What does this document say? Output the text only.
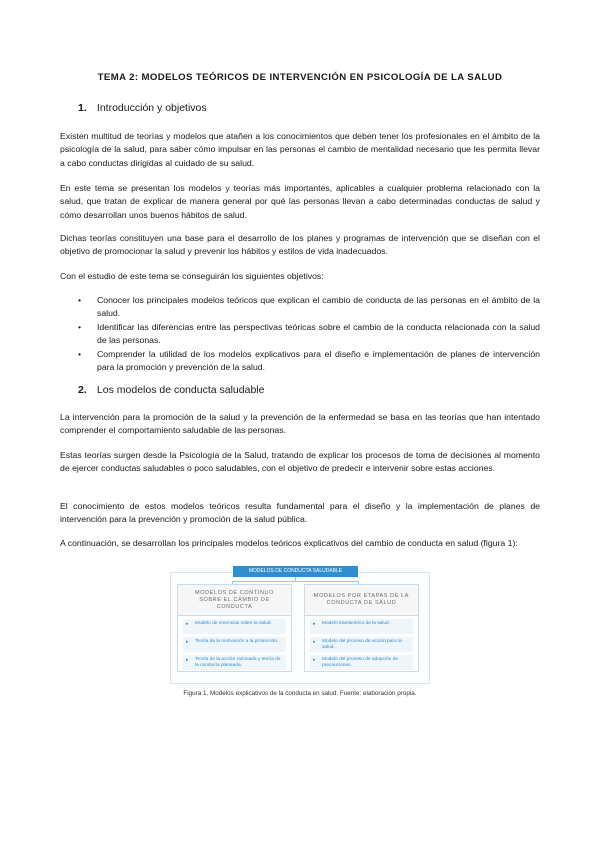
TEMA 2: MODELOS TEÓRICOS DE INTERVENCIÓN EN PSICOLOGÍA DE LA SALUD
1. Introducción y objetivos
Existen multitud de teorías y modelos que atañen a los conocimientos que deben tener los profesionales en el ámbito de la psicología de la salud, para saber cómo impulsar en las personas el cambio de mentalidad necesario que les permita llevar a cabo conductas dirigidas al cuidado de su salud.
En este tema se presentan los modelos y teorías más importantes, aplicables a cualquier problema relacionado con la salud, que tratan de explicar de manera general por qué las personas llevan a cabo determinadas conductas de salud y cómo desarrollan unos buenos hábitos de salud.
Dichas teorías constituyen una base para el desarrollo de los planes y programas de intervención que se diseñan con el objetivo de promocionar la salud y prevenir los hábitos y estilos de vida inadecuados.
Con el estudio de este tema se conseguirán los siguientes objetivos:
• Conocer los principales modelos teóricos que explican el cambio de conducta de las personas en el ámbito de la salud.
• Identificar las diferencias entre las perspectivas teóricas sobre el cambio de la conducta relacionada con la salud de las personas.
• Comprender la utilidad de los modelos explicativos para el diseño e implementación de planes de intervención para la promoción y prevención de la salud.
2. Los modelos de conducta saludable
La intervención para la promoción de la salud y la prevención de la enfermedad se basa en las teorías que han intentado comprender el comportamiento saludable de las personas.
Estas teorías surgen desde la Psicología de la Salud, tratando de explicar los procesos de toma de decisiones al momento de ejercer conductas saludables o poco saludables, con el objetivo de predecir e intervenir sobre estas acciones.
El conocimiento de estos modelos teóricos resulta fundamental para el diseño y la implementación de planes de intervención para la prevención y promoción de la salud pública.
A continuación, se desarrollan los principales modelos teóricos explicativos del cambio de conducta en salud (figura 1):
MODELOS DE CONDUCTA SALUDABLE
MODELOS DE CONTINUO SOBRE EL CAMBIO DE CONDUCTA
▸ Modelo de creencias sobre la salud.
▸ Teoría de la motivación a la protección.
▸ Teoría de la acción razonada y teoría de la conducta planeada.
MODELOS POR ETAPAS DE LA CONDUCTA DE SALUD
▸ Modelo transteórico de la salud.
▸ Modelo del proceso de acción para la salud.
▸ Modelo del proceso de adopción de precauciones.
Figura 1. Modelos explicativos de la conducta en salud. Fuente: elaboración propia.
